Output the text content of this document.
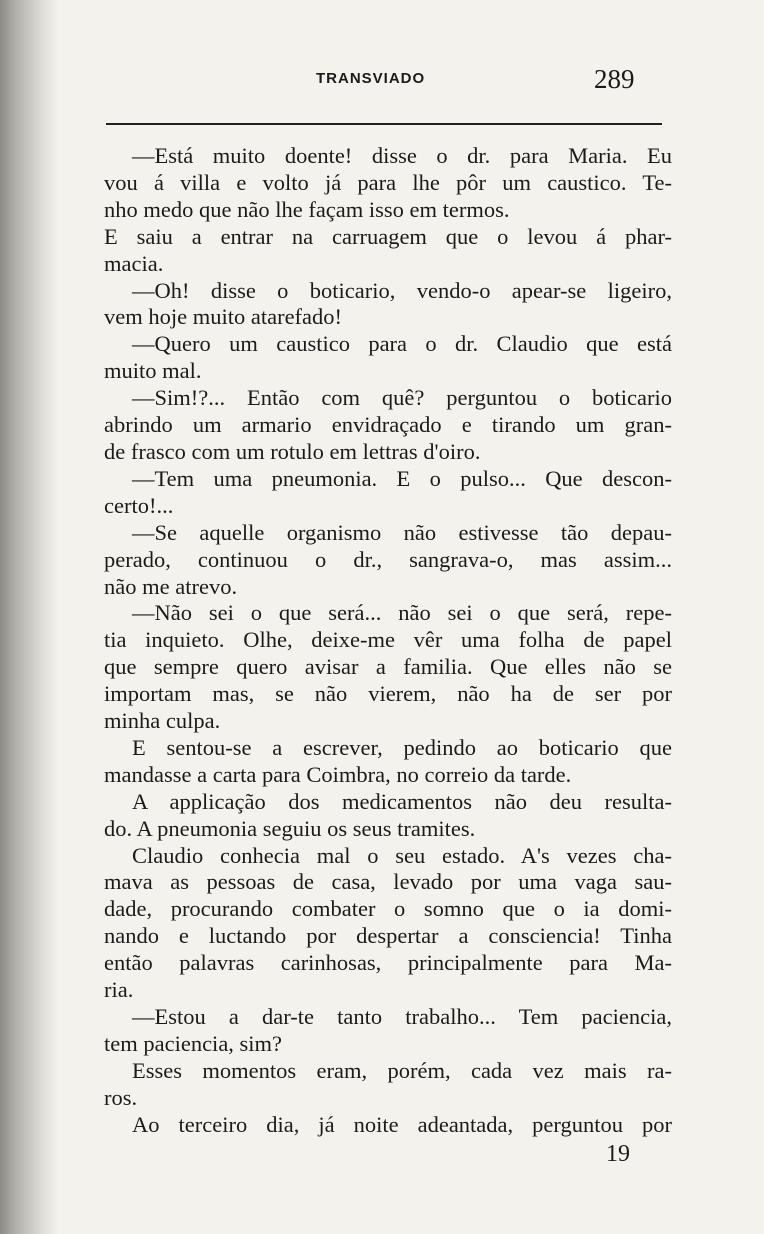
TRANSVIADO	289
—Está muito doente! disse o dr. para Maria. Eu
vou á villa e volto já para lhe pôr um caustico. Te-
nho medo que não lhe façam isso em termos.
E saiu a entrar na carruagem que o levou á phar-
macia.
—Oh! disse o boticario, vendo-o apear-se ligeiro,
vem hoje muito atarefado!
—Quero um caustico para o dr. Claudio que está
muito mal.
—Sim!?... Então com quê? perguntou o boticario
abrindo um armario envidraçado e tirando um gran-
de frasco com um rotulo em lettras d'oiro.
—Tem uma pneumonia. E o pulso... Que descon-
certo!...
—Se aquelle organismo não estivesse tão depau-
perado, continuou o dr., sangrava-o, mas assim...
não me atrevo.
—Não sei o que será... não sei o que será, repe-
tia inquieto. Olhe, deixe-me vêr uma folha de papel
que sempre quero avisar a familia. Que elles não se
importam mas, se não vierem, não ha de ser por
minha culpa.
E sentou-se a escrever, pedindo ao boticario que
mandasse a carta para Coimbra, no correio da tarde.
A applicação dos medicamentos não deu resulta-
do. A pneumonia seguiu os seus tramites.
Claudio conhecia mal o seu estado. A's vezes cha-
mava as pessoas de casa, levado por uma vaga sau-
dade, procurando combater o somno que o ia domi-
nando e luctando por despertar a consciencia! Tinha
então palavras carinhosas, principalmente para Ma-
ria.
—Estou a dar-te tanto trabalho... Tem paciencia,
tem paciencia, sim?
Esses momentos eram, porém, cada vez mais ra-
ros.
Ao terceiro dia, já noite adeantada, perguntou por
19
